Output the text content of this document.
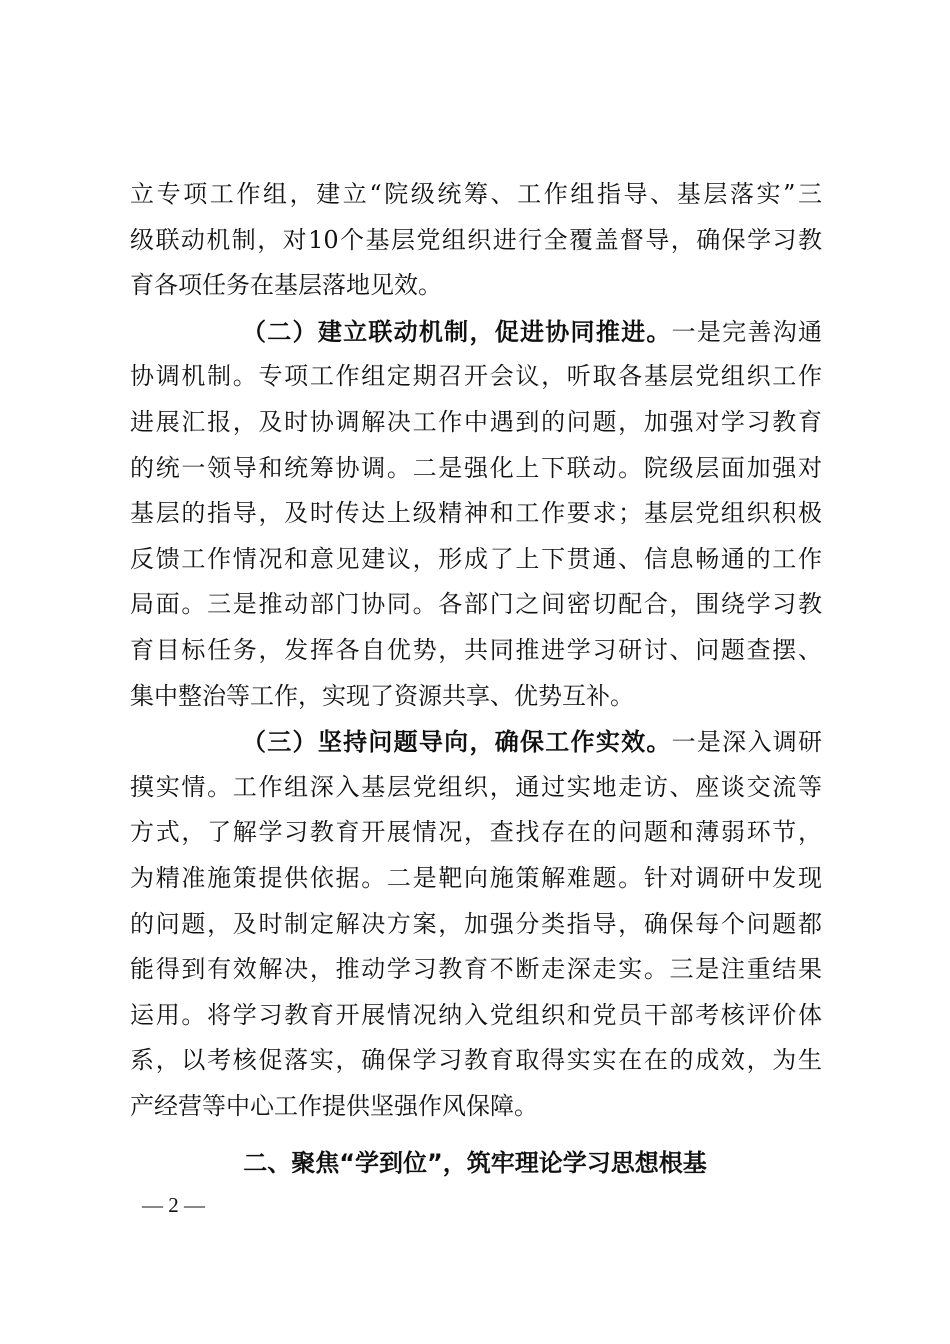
立专项工作组，建立“院级统筹、工作组指导、基层落实”三
级联动机制，对10个基层党组织进行全覆盖督导，确保学习教
育各项任务在基层落地见效。
（二）建立联动机制，促进协同推进。一是完善沟通
协调机制。专项工作组定期召开会议，听取各基层党组织工作
进展汇报，及时协调解决工作中遇到的问题，加强对学习教育
的统一领导和统筹协调。二是强化上下联动。院级层面加强对
基层的指导，及时传达上级精神和工作要求；基层党组织积极
反馈工作情况和意见建议，形成了上下贯通、信息畅通的工作
局面。三是推动部门协同。各部门之间密切配合，围绕学习教
育目标任务，发挥各自优势，共同推进学习研讨、问题查摆、
集中整治等工作，实现了资源共享、优势互补。
（三）坚持问题导向，确保工作实效。一是深入调研
摸实情。工作组深入基层党组织，通过实地走访、座谈交流等
方式，了解学习教育开展情况，查找存在的问题和薄弱环节，
为精准施策提供依据。二是靶向施策解难题。针对调研中发现
的问题，及时制定解决方案，加强分类指导，确保每个问题都
能得到有效解决，推动学习教育不断走深走实。三是注重结果
运用。将学习教育开展情况纳入党组织和党员干部考核评价体
系，以考核促落实，确保学习教育取得实实在在的成效，为生
产经营等中心工作提供坚强作风保障。
二、聚焦“学到位”，筑牢理论学习思想根基
— 2 —
